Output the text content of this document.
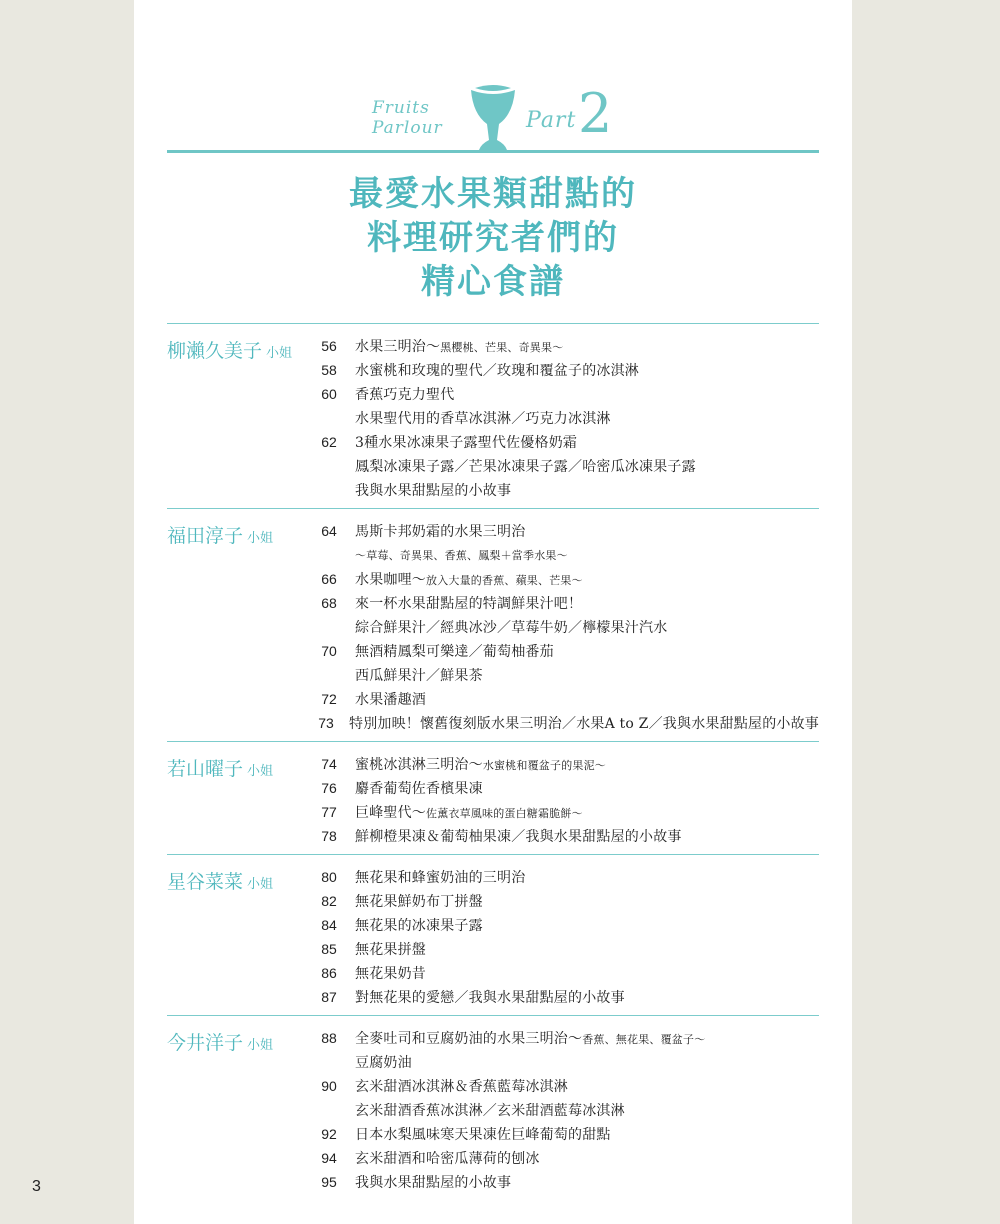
3
Fruits
Parlour	Part 2
最愛水果類甜點的
料理研究者們的
精心食譜
柳瀨久美子 小姐	56	水果三明治〜黑櫻桃、芒果、奇異果〜
58	水蜜桃和玫瑰的聖代／玫瑰和覆盆子的冰淇淋
60	香蕉巧克力聖代
水果聖代用的香草冰淇淋／巧克力冰淇淋
62	3種水果冰凍果子露聖代佐優格奶霜
鳳梨冰凍果子露／芒果冰凍果子露／哈密瓜冰凍果子露
我與水果甜點屋的小故事
福田淳子 小姐	64	馬斯卡邦奶霜的水果三明治
〜草莓、奇異果、香蕉、鳳梨＋當季水果〜
66	水果咖哩〜放入大量的香蕉、蘋果、芒果〜
68	來一杯水果甜點屋的特調鮮果汁吧！
綜合鮮果汁／經典冰沙／草莓牛奶／檸檬果汁汽水
70	無酒精鳳梨可樂達／葡萄柚番茄
西瓜鮮果汁／鮮果茶
72	水果潘趣酒
73	特別加映！懷舊復刻版水果三明治／水果A to Z／我與水果甜點屋的小故事
若山曜子 小姐	74	蜜桃冰淇淋三明治〜水蜜桃和覆盆子的果泥〜
76	麝香葡萄佐香檳果凍
77	巨峰聖代〜佐薰衣草風味的蛋白糖霜脆餅〜
78	鮮柳橙果凍＆葡萄柚果凍／我與水果甜點屋的小故事
星谷菜菜 小姐	80	無花果和蜂蜜奶油的三明治
82	無花果鮮奶布丁拼盤
84	無花果的冰凍果子露
85	無花果拼盤
86	無花果奶昔
87	對無花果的愛戀／我與水果甜點屋的小故事
今井洋子 小姐	88	全麥吐司和豆腐奶油的水果三明治〜香蕉、無花果、覆盆子〜
豆腐奶油
90	玄米甜酒冰淇淋＆香蕉藍莓冰淇淋
玄米甜酒香蕉冰淇淋／玄米甜酒藍莓冰淇淋
92	日本水梨風味寒天果凍佐巨峰葡萄的甜點
94	玄米甜酒和哈密瓜薄荷的刨冰
95	我與水果甜點屋的小故事
